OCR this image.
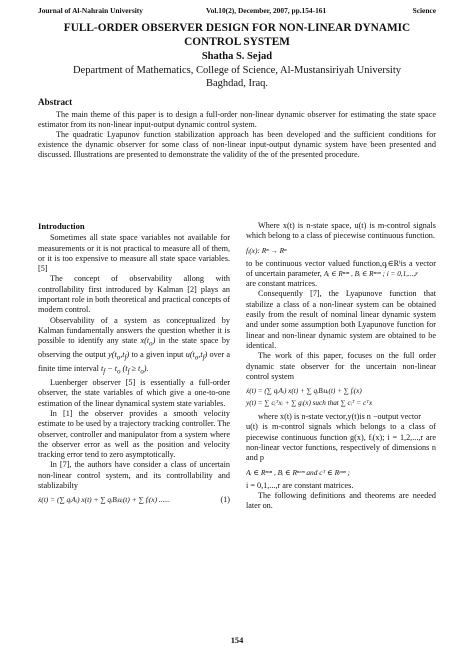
Journal of Al-Nahrain University	Vol.10(2), December, 2007, pp.154-161	Science
FULL-ORDER OBSERVER DESIGN FOR NON-LINEAR DYNAMIC
CONTROL SYSTEM
Shatha S. Sejad
Department of Mathematics, College of Science, Al-Mustansiriyah University
Baghdad, Iraq.
Abstract

The main theme of this paper is to design a full-order non-linear dynamic observer for estimating the state space estimator from its non-linear input-output dynamic control system.

The quadratic Lyapunov function stabilization approach has been developed and the sufficient conditions for existence the dynamic observer for some class of non-linear input-output dynamic system have been presented and discussed. Illustrations are presented to demonstrate the validity of the of the presented procedure.

Introduction

Sometimes all state space variables not available for measurements or it is not practical to measure all of them, or it is too expensive to measure all state space variables.[5]

The concept of observability allong with controllability first introduced by Kalman [2] plays an important role in both theoretical and practical concepts of modern control.

Observability of a system as conceptualized by Kalman fundamentally answers the question whether it is possible to identify any state $x(t_o)$ in the state space by observing the output $y(t_o,t_f)$ to a given input $u(t_o,t_f)$ over a finite time interval $t_f - t_o$ $(t_f \ge t_o)$.

Luenberger observer [5] is essentially a full-order observer, the state variables of which give a one-to-one estimation of the linear dynamical system state variables.

In [1] the observer provides a smooth velocity estimate to be used by a trajectory tracking controller. The observer, controller and manipulator from a system where the observer error as well as the position and velocity tracking error tend to zero asymptotically.

In [7], the authors have consider a class of uncertain non-linear control system, and its controllability and stablizabilty

ẋ(t) = (∑ qᵢAᵢ) x(t) + ∑ qᵢBᵢuᵢ(t) + ∑ fᵢ(x) ......	(1)

Where x(t) is n-state space, u(t) is m-control signals which belong to a class of piecewise continuous function.

fᵢ(x): Rⁿ → Rⁿ

to be continuous vector valued function,qᵢ∈Rⁱis a vector of uncertain parameter, Aᵢ ∈ Rⁿˣⁿ , Bᵢ ∈ Rⁿˣᵐ ; i = 0,1,...,r

are constant matrices.

Consequently [7], the Lyapunove function that stabilize a class of a non-linear system can be obtained easily from the result of nominal linear dynamic system and under some assumption both Lyapunove function for linear and non-linear dynamic system are obtained to be identical.

The work of this paper, focuses on the full order dynamic state observer for the uncertain non-linear control system

ẋ(t) = (∑ qᵢAᵢ) x(t) + ∑ qᵢBᵢuᵢ(t) + ∑ fᵢ(x)
y(t) = ∑ cᵢᵀxᵢ + ∑ gᵢ(x) such that ∑ cᵢᵀ = cᵀx

where x(t) is n-state vector,y(t)is n −output vector

u(t) is m-control signals which belongs to a class of piecewise continuous function g(x), fᵢ(x); i = 1,2,...,r are non-linear vector functions, respectively of dimensions n and p

Aᵢ ∈ Rⁿˣⁿ , Bᵢ ∈ Rⁿˣᵐ and cᵀ ∈ Rᵖˣⁿ ;

i = 0,1,...,r are constant matrices.

The following definitions and theorems are needed later on.

154
